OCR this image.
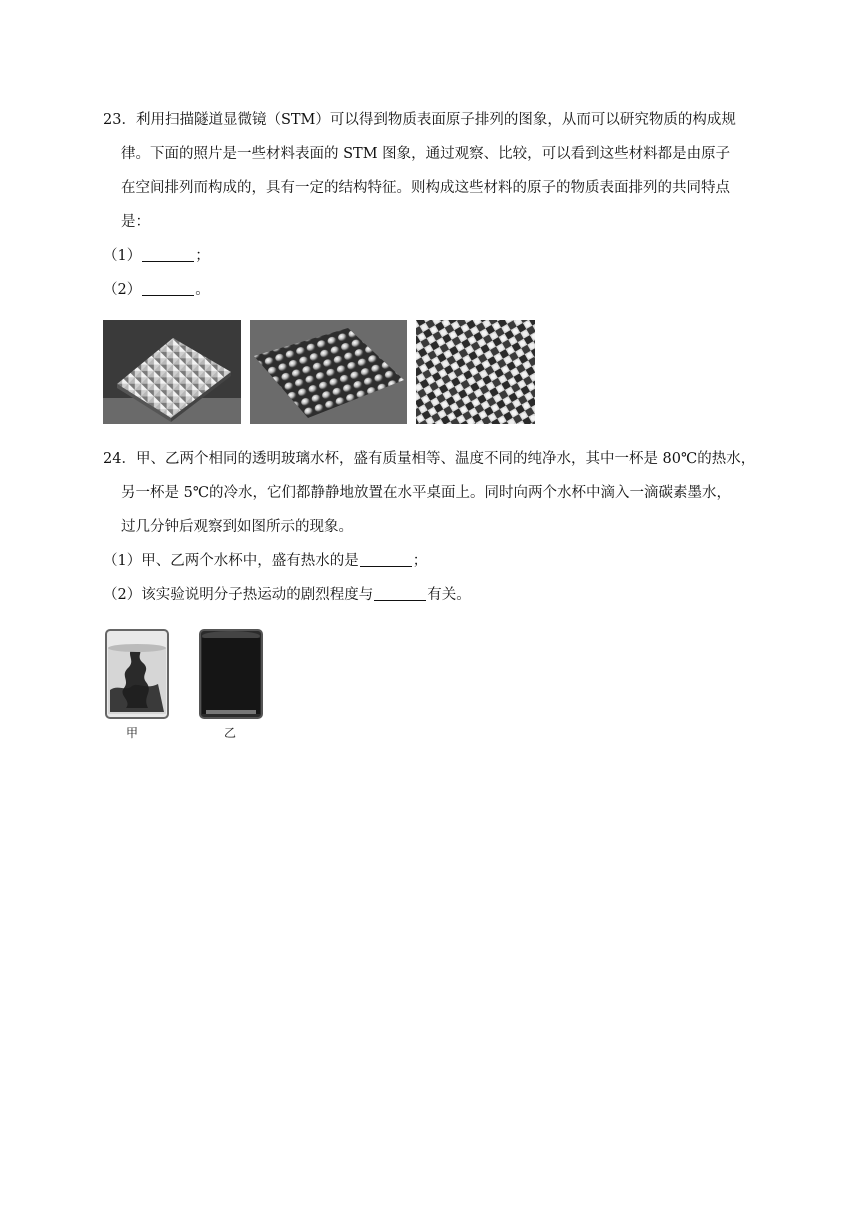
23．利用扫描隧道显微镜（STM）可以得到物质表面原子排列的图象，从而可以研究物质的构成规
律。下面的照片是一些材料表面的 STM 图象，通过观察、比较，可以看到这些材料都是由原子
在空间排列而构成的，具有一定的结构特征。则构成这些材料的原子的物质表面排列的共同特点
是：
（1）	；
（2）	。
24．甲、乙两个相同的透明玻璃水杯，盛有质量相等、温度不同的纯净水，其中一杯是 80℃的热水，
另一杯是 5℃的冷水，它们都静静地放置在水平桌面上。同时向两个水杯中滴入一滴碳素墨水，
过几分钟后观察到如图所示的现象。
（1）甲、乙两个水杯中，盛有热水的是	；
（2）该实验说明分子热运动的剧烈程度与	有关。
甲	乙
